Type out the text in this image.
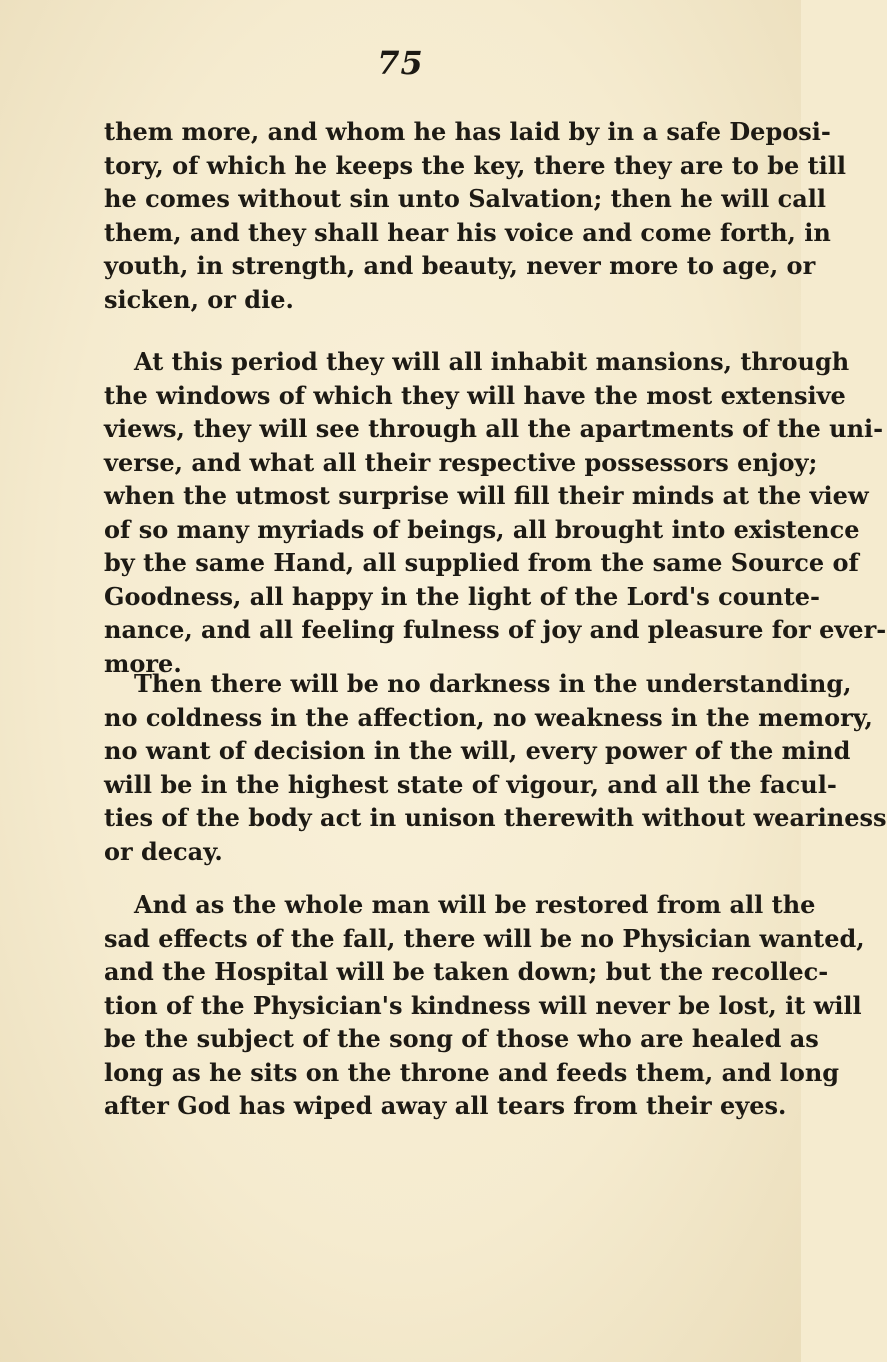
75
them more, and whom he has laid by in a safe Deposi-
tory, of which he keeps the key, there they are to be till
he comes without sin unto Salvation; then he will call
them, and they shall hear his voice and come forth, in
youth, in strength, and beauty, never more to age, or
sicken, or die.
At this period they will all inhabit mansions, through
the windows of which they will have the most extensive
views, they will see through all the apartments of the uni-
verse, and what all their respective possessors enjoy;
when the utmost surprise will fill their minds at the view
of so many myriads of beings, all brought into existence
by the same Hand, all supplied from the same Source of
Goodness, all happy in the light of the Lord's counte-
nance, and all feeling fulness of joy and pleasure for ever-
more.
Then there will be no darkness in the understanding,
no coldness in the affection, no weakness in the memory,
no want of decision in the will, every power of the mind
will be in the highest state of vigour, and all the facul-
ties of the body act in unison therewith without weariness
or decay.
And as the whole man will be restored from all the
sad effects of the fall, there will be no Physician wanted,
and the Hospital will be taken down; but the recollec-
tion of the Physician's kindness will never be lost, it will
be the subject of the song of those who are healed as
long as he sits on the throne and feeds them, and long
after God has wiped away all tears from their eyes.
